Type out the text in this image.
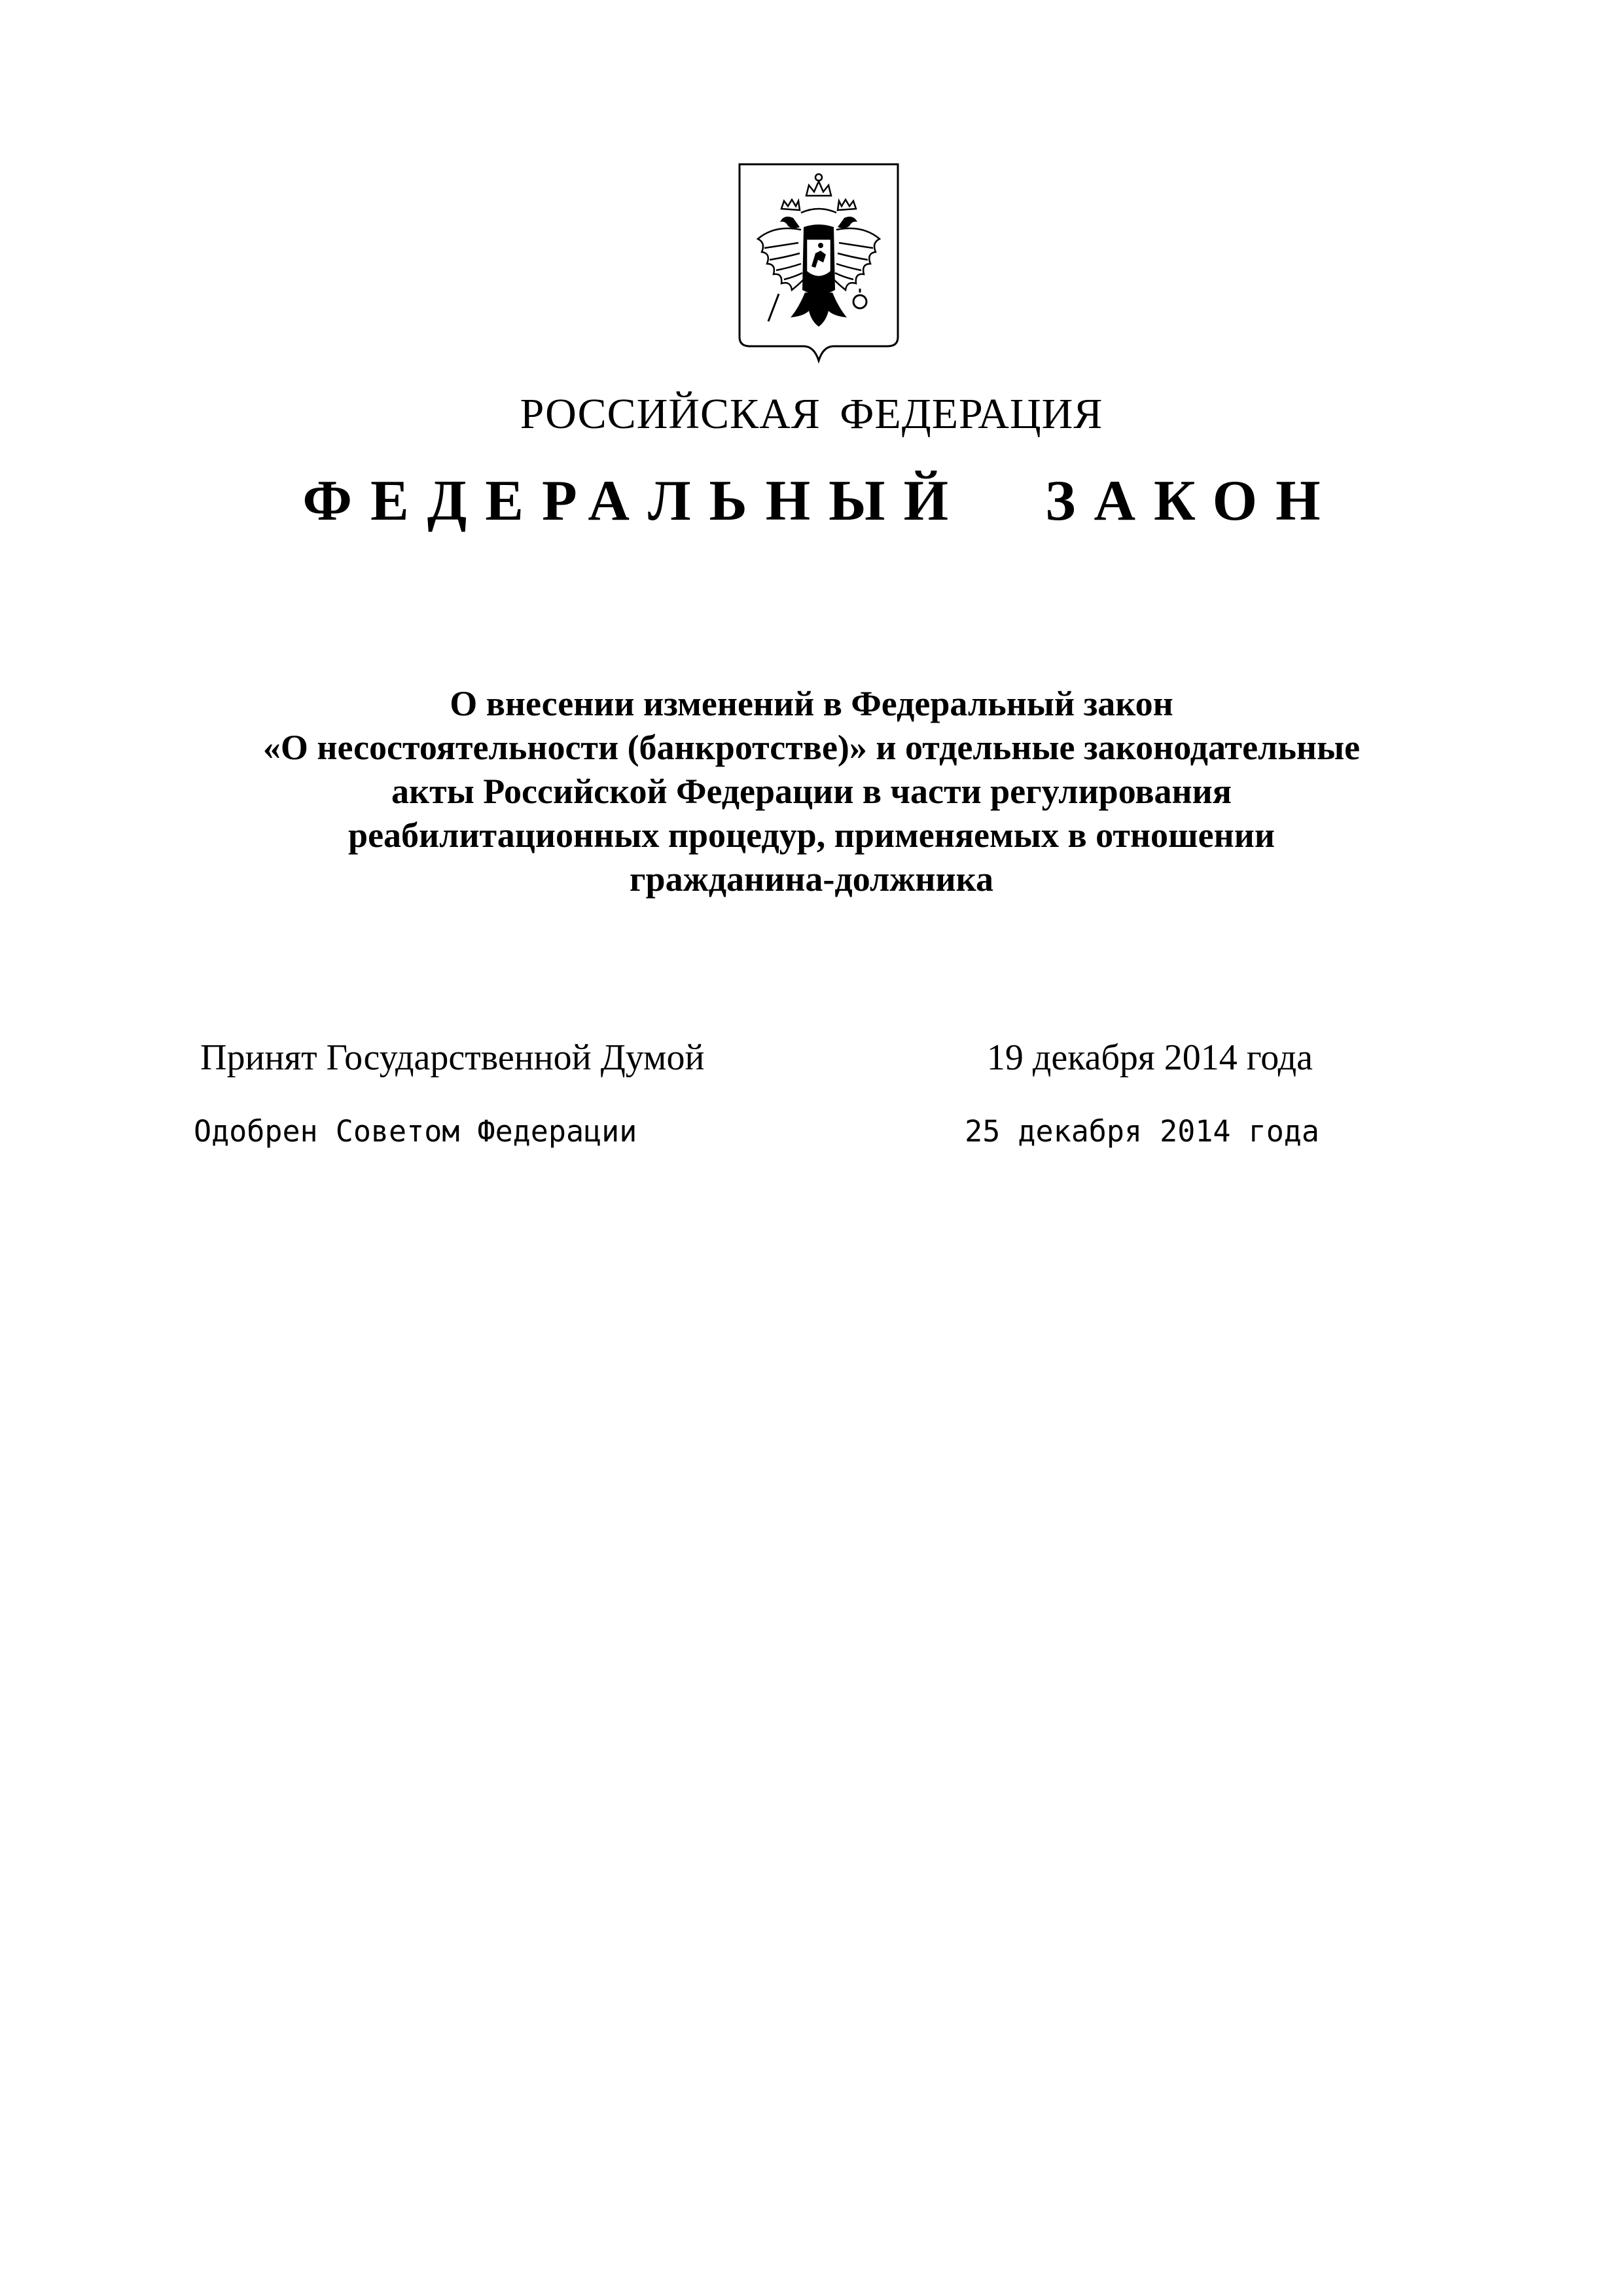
РОССИЙСКАЯ ФЕДЕРАЦИЯ
ФЕДЕРАЛЬНЫЙ ЗАКОН
О внесении изменений в Федеральный закон
«О несостоятельности (банкротстве)» и отдельные законодательные
акты Российской Федерации в части регулирования
реабилитационных процедур, применяемых в отношении
гражданина-должника
Принят Государственной Думой	19 декабря 2014 года
Одобрен Советом Федерации	25 декабря 2014 года
